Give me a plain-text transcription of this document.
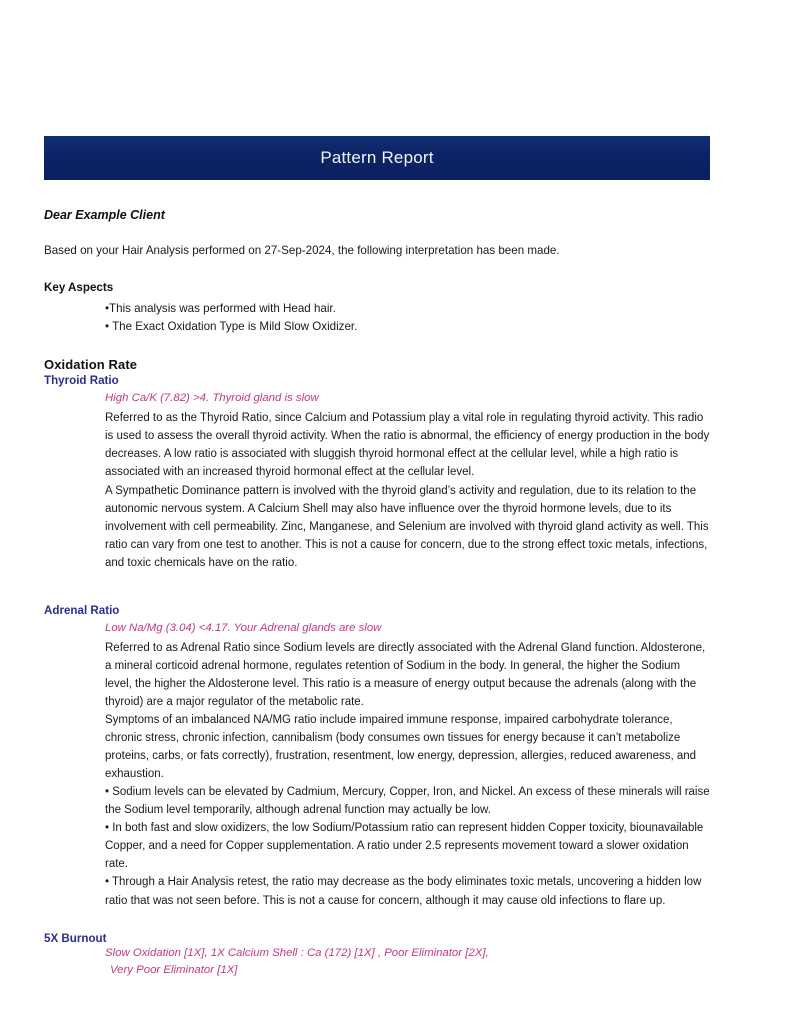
Pattern Report
Dear Example Client
Based on your Hair Analysis performed on 27-Sep-2024, the following interpretation has been made.
Key Aspects
•This analysis was performed with Head hair.
• The Exact Oxidation Type is Mild Slow Oxidizer.
Oxidation Rate
Thyroid Ratio
High Ca/K (7.82) >4. Thyroid gland is slow
Referred to as the Thyroid Ratio, since Calcium and Potassium play a vital role in regulating thyroid activity. This radio is used to assess the overall thyroid activity. When the ratio is abnormal, the efficiency of energy production in the body decreases. A low ratio is associated with sluggish thyroid hormonal effect at the cellular level, while a high ratio is associated with an increased thyroid hormonal effect at the cellular level.
A Sympathetic Dominance pattern is involved with the thyroid gland’s activity and regulation, due to its relation to the autonomic nervous system. A Calcium Shell may also have influence over the thyroid hormone levels, due to its involvement with cell permeability. Zinc, Manganese, and Selenium are involved with thyroid gland activity as well. This ratio can vary from one test to another. This is not a cause for concern, due to the strong effect toxic metals, infections, and toxic chemicals have on the ratio.
Adrenal Ratio
Low Na/Mg (3.04) <4.17. Your Adrenal glands are slow
Referred to as Adrenal Ratio since Sodium levels are directly associated with the Adrenal Gland function. Aldosterone, a mineral corticoid adrenal hormone, regulates retention of Sodium in the body. In general, the higher the Sodium level, the higher the Aldosterone level. This ratio is a measure of energy output because the adrenals (along with the thyroid) are a major regulator of the metabolic rate.
Symptoms of an imbalanced NA/MG ratio include impaired immune response, impaired carbohydrate tolerance, chronic stress, chronic infection, cannibalism (body consumes own tissues for energy because it can’t metabolize proteins, carbs, or fats correctly), frustration, resentment, low energy, depression, allergies, reduced awareness, and exhaustion.
• Sodium levels can be elevated by Cadmium, Mercury, Copper, Iron, and Nickel. An excess of these minerals will raise the Sodium level temporarily, although adrenal function may actually be low.
• In both fast and slow oxidizers, the low Sodium/Potassium ratio can represent hidden Copper toxicity, biounavailable Copper, and a need for Copper supplementation. A ratio under 2.5 represents movement toward a slower oxidation rate.
• Through a Hair Analysis retest, the ratio may decrease as the body eliminates toxic metals, uncovering a hidden low ratio that was not seen before. This is not a cause for concern, although it may cause old infections to flare up.
5X Burnout
Slow Oxidation [1X], 1X Calcium Shell : Ca (172) [1X] , Poor Eliminator [2X],
Very Poor Eliminator [1X]
